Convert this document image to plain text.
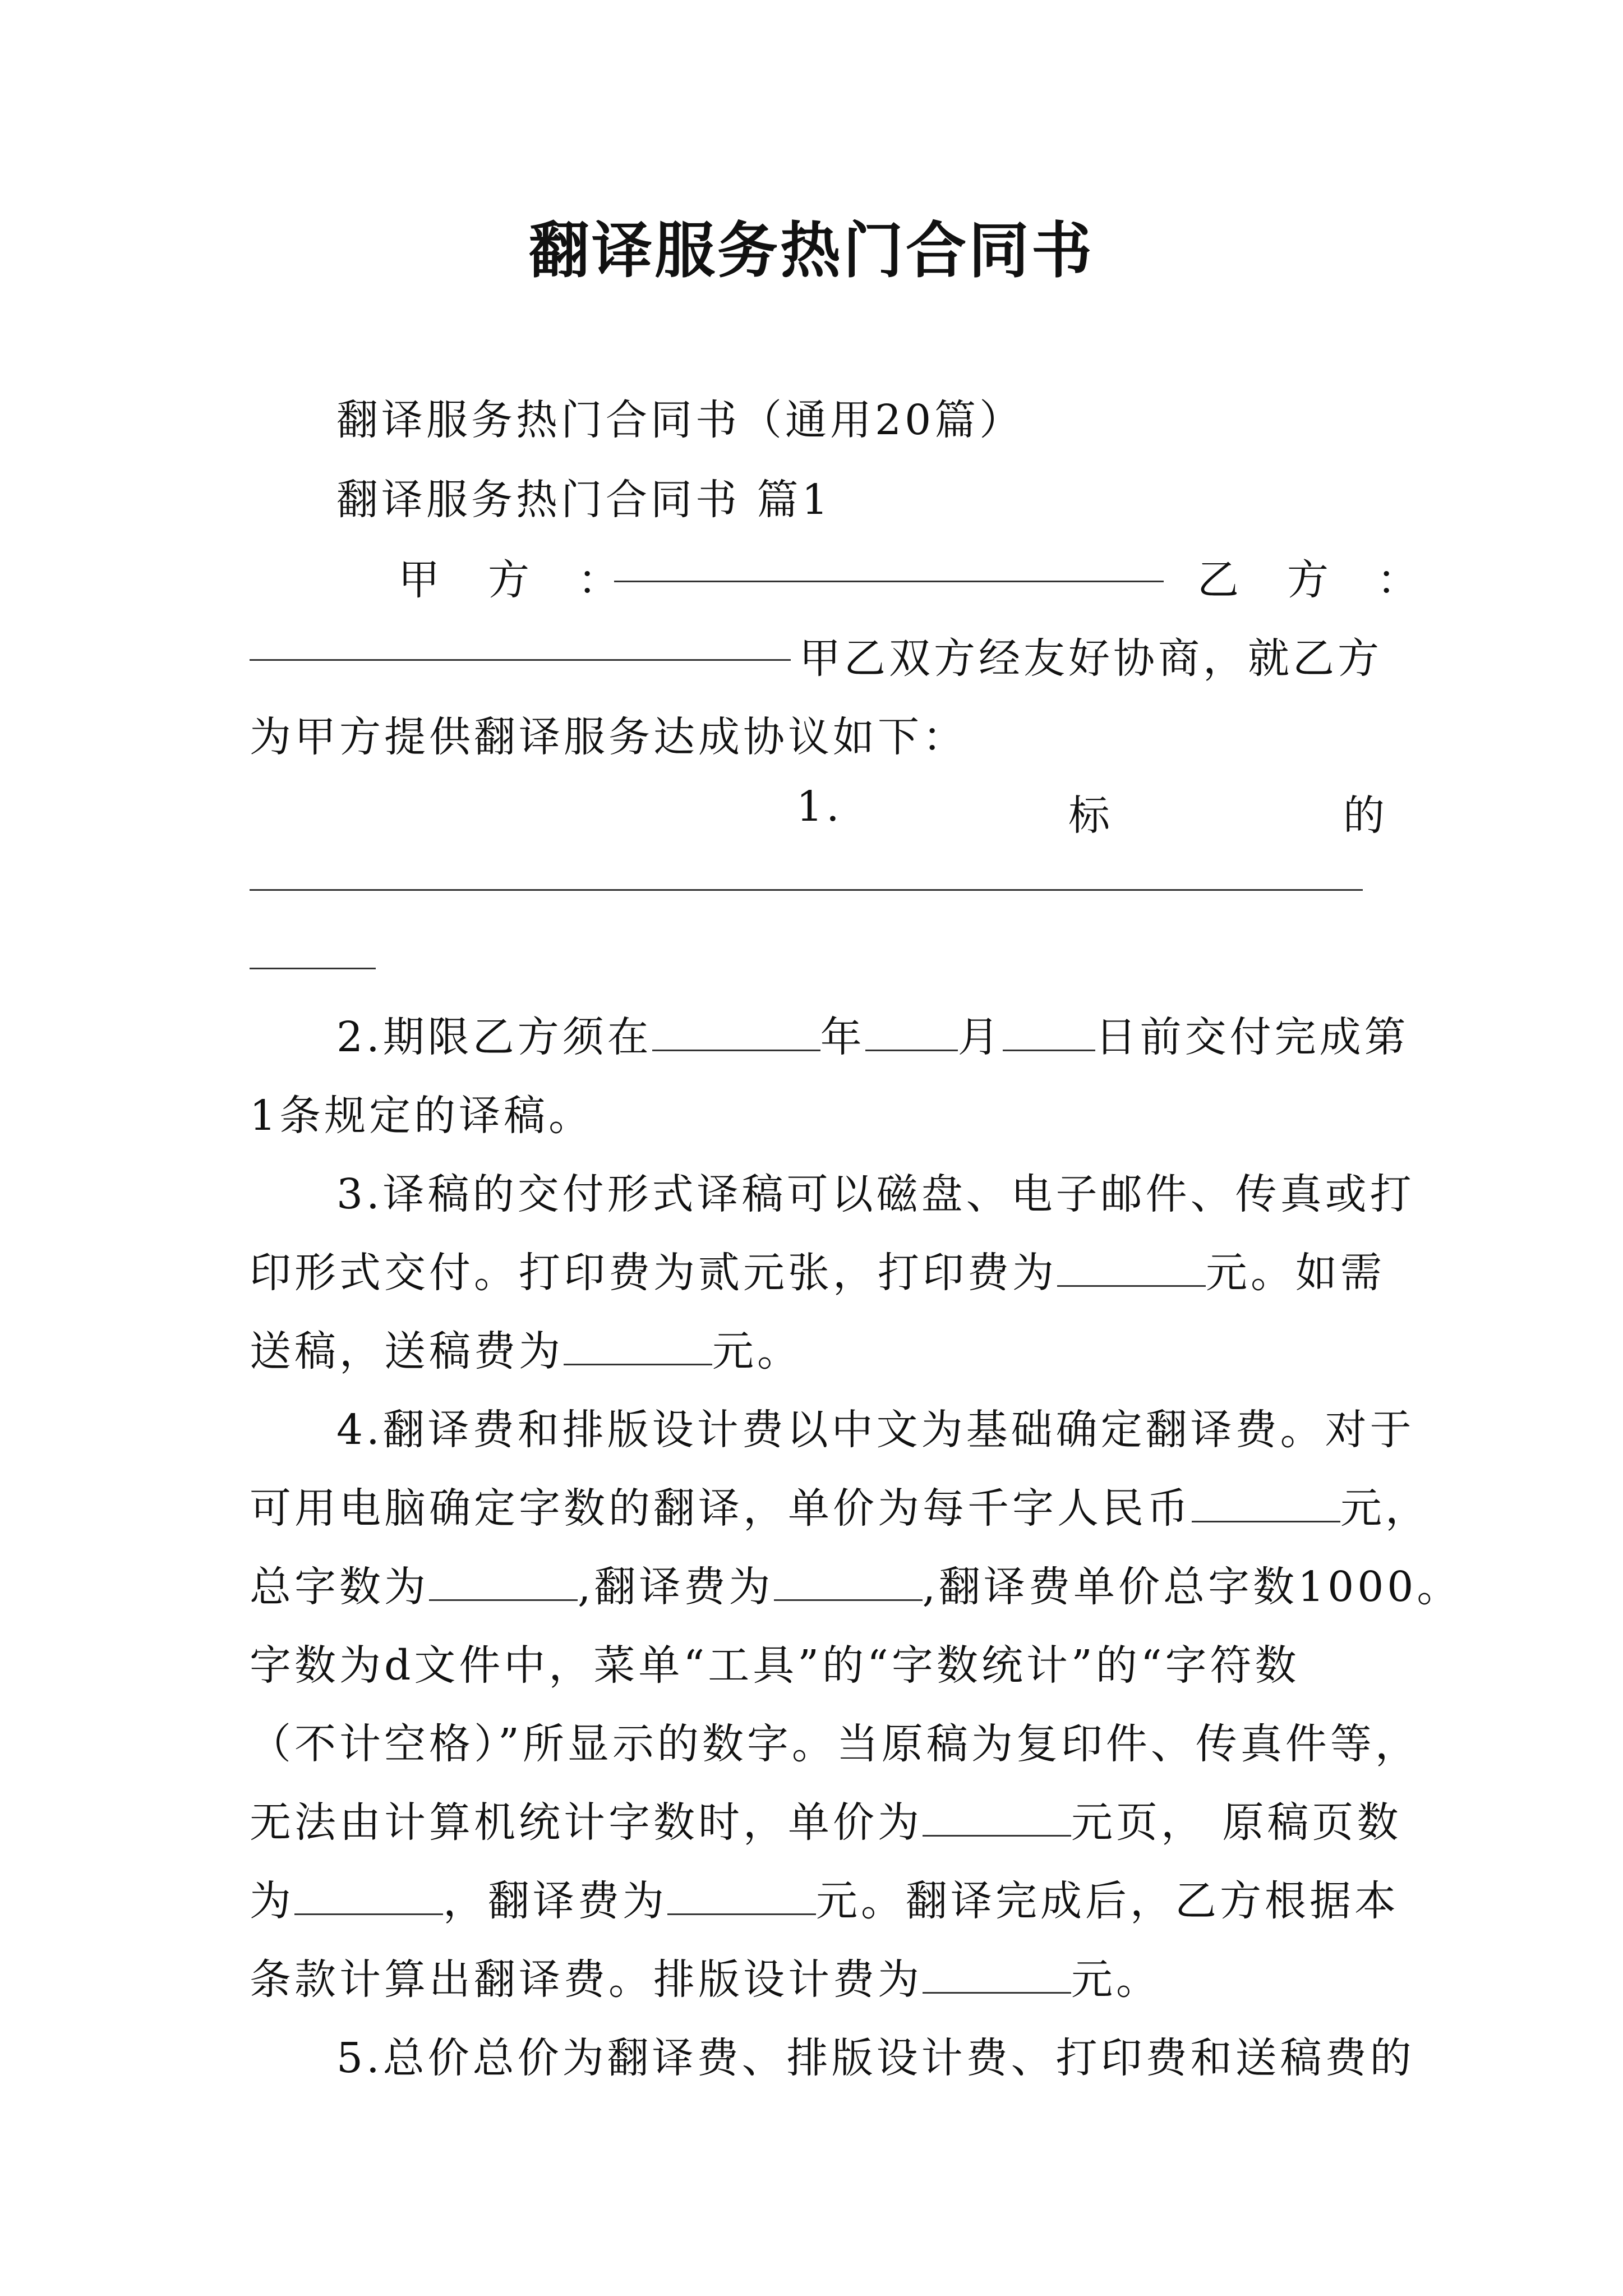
翻译服务热门合同书
翻译服务热门合同书（通用20篇）
翻译服务热门合同书 篇1
甲　方　：	乙　方　：
甲乙双方经友好协商，就乙方
为甲方提供翻译服务达成协议如下：
1.	标	的
2.期限乙方须在	年 月 日前交付完成第
1条规定的译稿。
3.译稿的交付形式译稿可以磁盘、电子邮件、传真或打
印形式交付。打印费为贰元张，打印费为	元。如需
送稿，送稿费为	元。
4.翻译费和排版设计费以中文为基础确定翻译费。对于
可用电脑确定字数的翻译，单价为每千字人民币	元，
总字数为	,翻译费为	,翻译费单价总字数1000。
字数为d文件中，菜单“工具”的“字数统计”的“字符数
（不计空格）”所显示的数字。当原稿为复印件、传真件等，
无法由计算机统计字数时，单价为	元页， 原稿页数
为	，翻译费为	元。翻译完成后，乙方根据本
条款计算出翻译费。排版设计费为	元。
5.总价总价为翻译费、排版设计费、打印费和送稿费的
